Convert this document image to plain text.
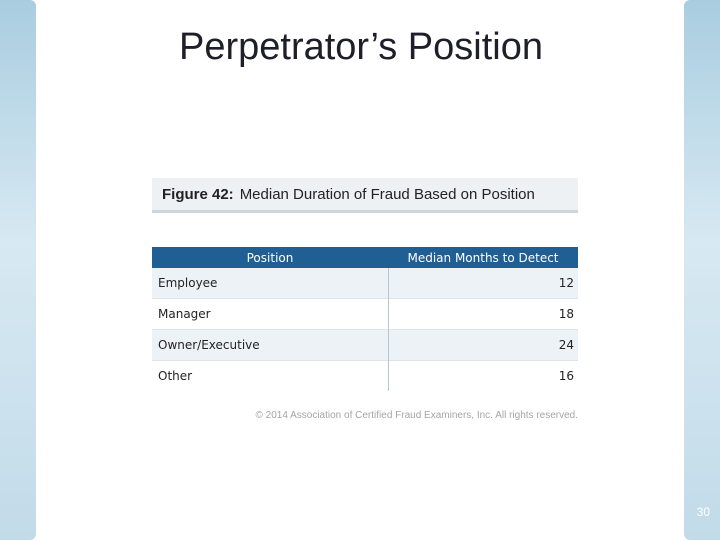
Perpetrator’s Position
Figure 42: Median Duration of Fraud Based on Position
Position	Median Months to Detect
Employee	12
Manager	18
Owner/Executive	24
Other	16
© 2014 Association of Certified Fraud Examiners, Inc. All rights reserved.
30
